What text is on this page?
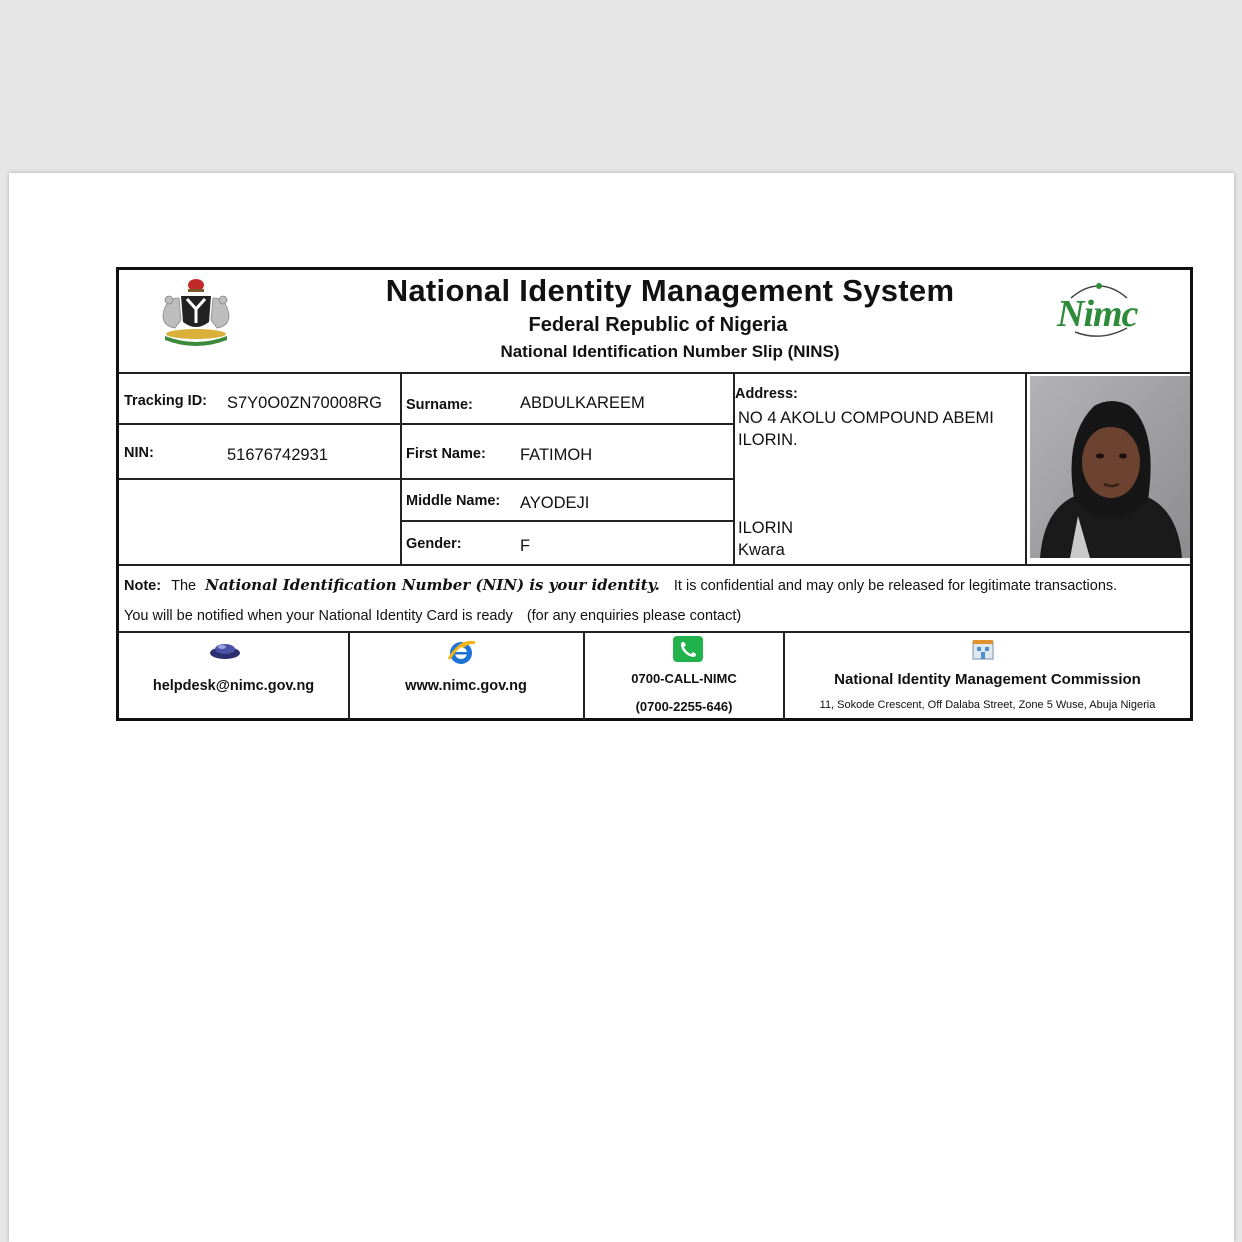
National Identity Management System
Federal Republic of Nigeria
National Identification Number Slip (NINS)
Nimc
Tracking ID: S7Y0O0ZN70008RG
NIN:	51676742931
Surname:	ABDULKAREEM
First Name: FATIMOH
Middle Name: AYODEJI
Gender:	F
Address:
NO 4 AKOLU COMPOUND ABEMI
ILORIN.
ILORIN
Kwara
Note: The National Identification Number (NIN) is your identity. It is confidential and may only be released for legitimate transactions.
You will be notified when your National Identity Card is ready (for any enquiries please contact)
helpdesk@nimc.gov.ng	www.nimc.gov.ng	0700-CALL-NIMC
(0700-2255-646)
National Identity Management Commission
11, Sokode Crescent, Off Dalaba Street, Zone 5 Wuse, Abuja Nigeria
